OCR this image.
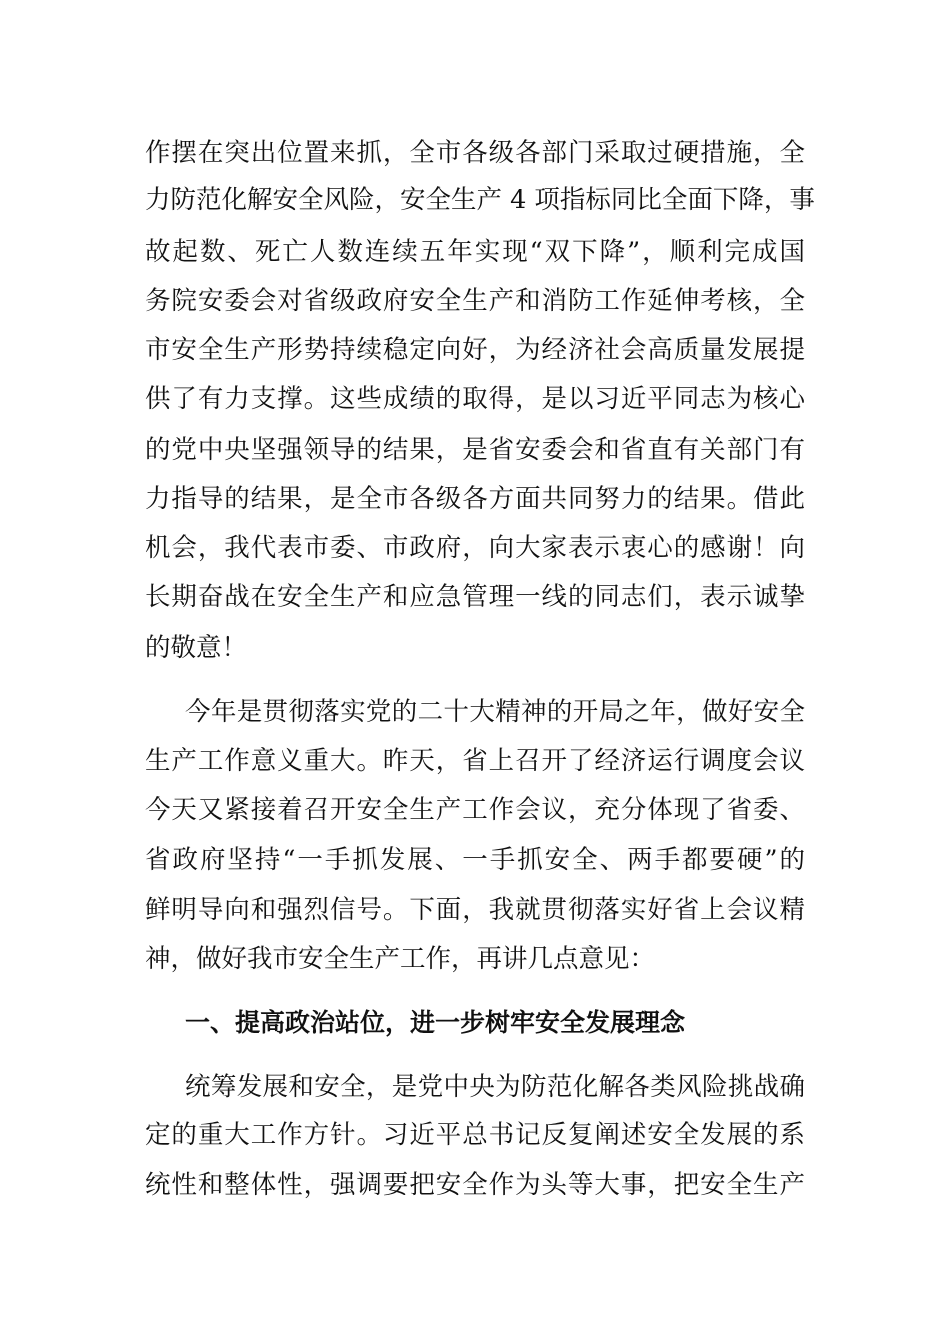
作摆在突出位置来抓，全市各级各部门采取过硬措施，全
力防范化解安全风险，安全生产 4 项指标同比全面下降，事
故起数、死亡人数连续五年实现“双下降”，顺利完成国
务院安委会对省级政府安全生产和消防工作延伸考核，全
市安全生产形势持续稳定向好，为经济社会高质量发展提
供了有力支撑。这些成绩的取得，是以习近平同志为核心
的党中央坚强领导的结果，是省安委会和省直有关部门有
力指导的结果，是全市各级各方面共同努力的结果。借此
机会，我代表市委、市政府，向大家表示衷心的感谢！向
长期奋战在安全生产和应急管理一线的同志们，表示诚挚
的敬意！
今年是贯彻落实党的二十大精神的开局之年，做好安全
生产工作意义重大。昨天，省上召开了经济运行调度会议
今天又紧接着召开安全生产工作会议，充分体现了省委、
省政府坚持“一手抓发展、一手抓安全、两手都要硬”的
鲜明导向和强烈信号。下面，我就贯彻落实好省上会议精
神，做好我市安全生产工作，再讲几点意见：
一、提高政治站位，进一步树牢安全发展理念
统筹发展和安全，是党中央为防范化解各类风险挑战确
定的重大工作方针。习近平总书记反复阐述安全发展的系
统性和整体性，强调要把安全作为头等大事，把安全生产
